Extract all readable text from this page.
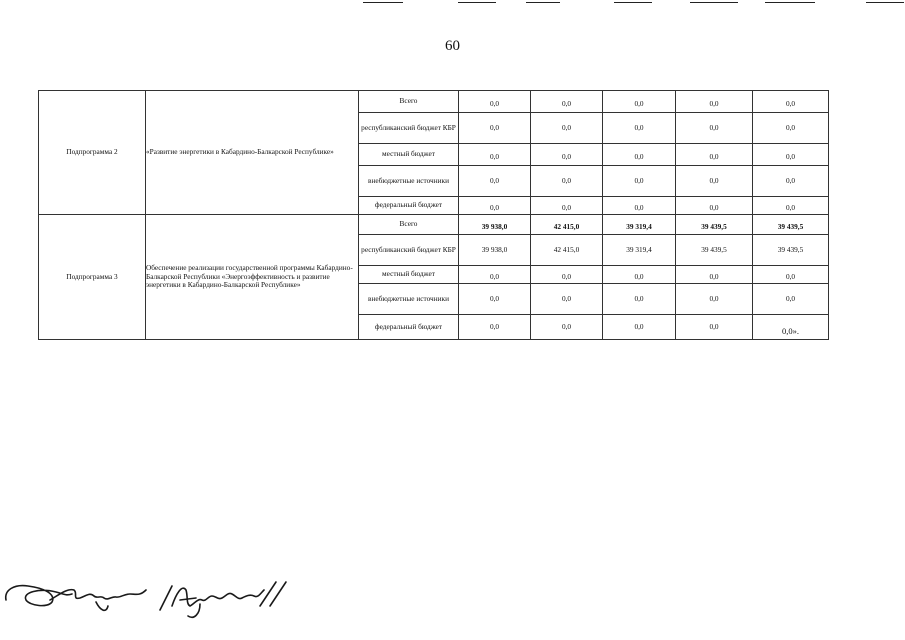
60
Подпрограмма 2	«Развитие энергетики в Кабардино-Балкарской Республике»	Всего	0,0	0,0	0,0	0,0	0,0
		республиканский бюджет КБР	0,0	0,0	0,0	0,0	0,0
		местный бюджет	0,0	0,0	0,0	0,0	0,0
		внебюджетные источники	0,0	0,0	0,0	0,0	0,0
		федеральный бюджет	0,0	0,0	0,0	0,0	0,0
Подпрограмма 3	Обеспечение реализации государственной программы Кабардино-Балкарской Республики «Энергоэффективность и развитие энергетики в Кабардино-Балкарской Республике»	Всего	39 938,0	42 415,0	39 319,4	39 439,5	39 439,5
		республиканский бюджет КБР	39 938,0	42 415,0	39 319,4	39 439,5	39 439,5
		местный бюджет	0,0	0,0	0,0	0,0	0,0
		внебюджетные источники	0,0	0,0	0,0	0,0	0,0
		федеральный бюджет	0,0	0,0	0,0	0,0	0,0».
